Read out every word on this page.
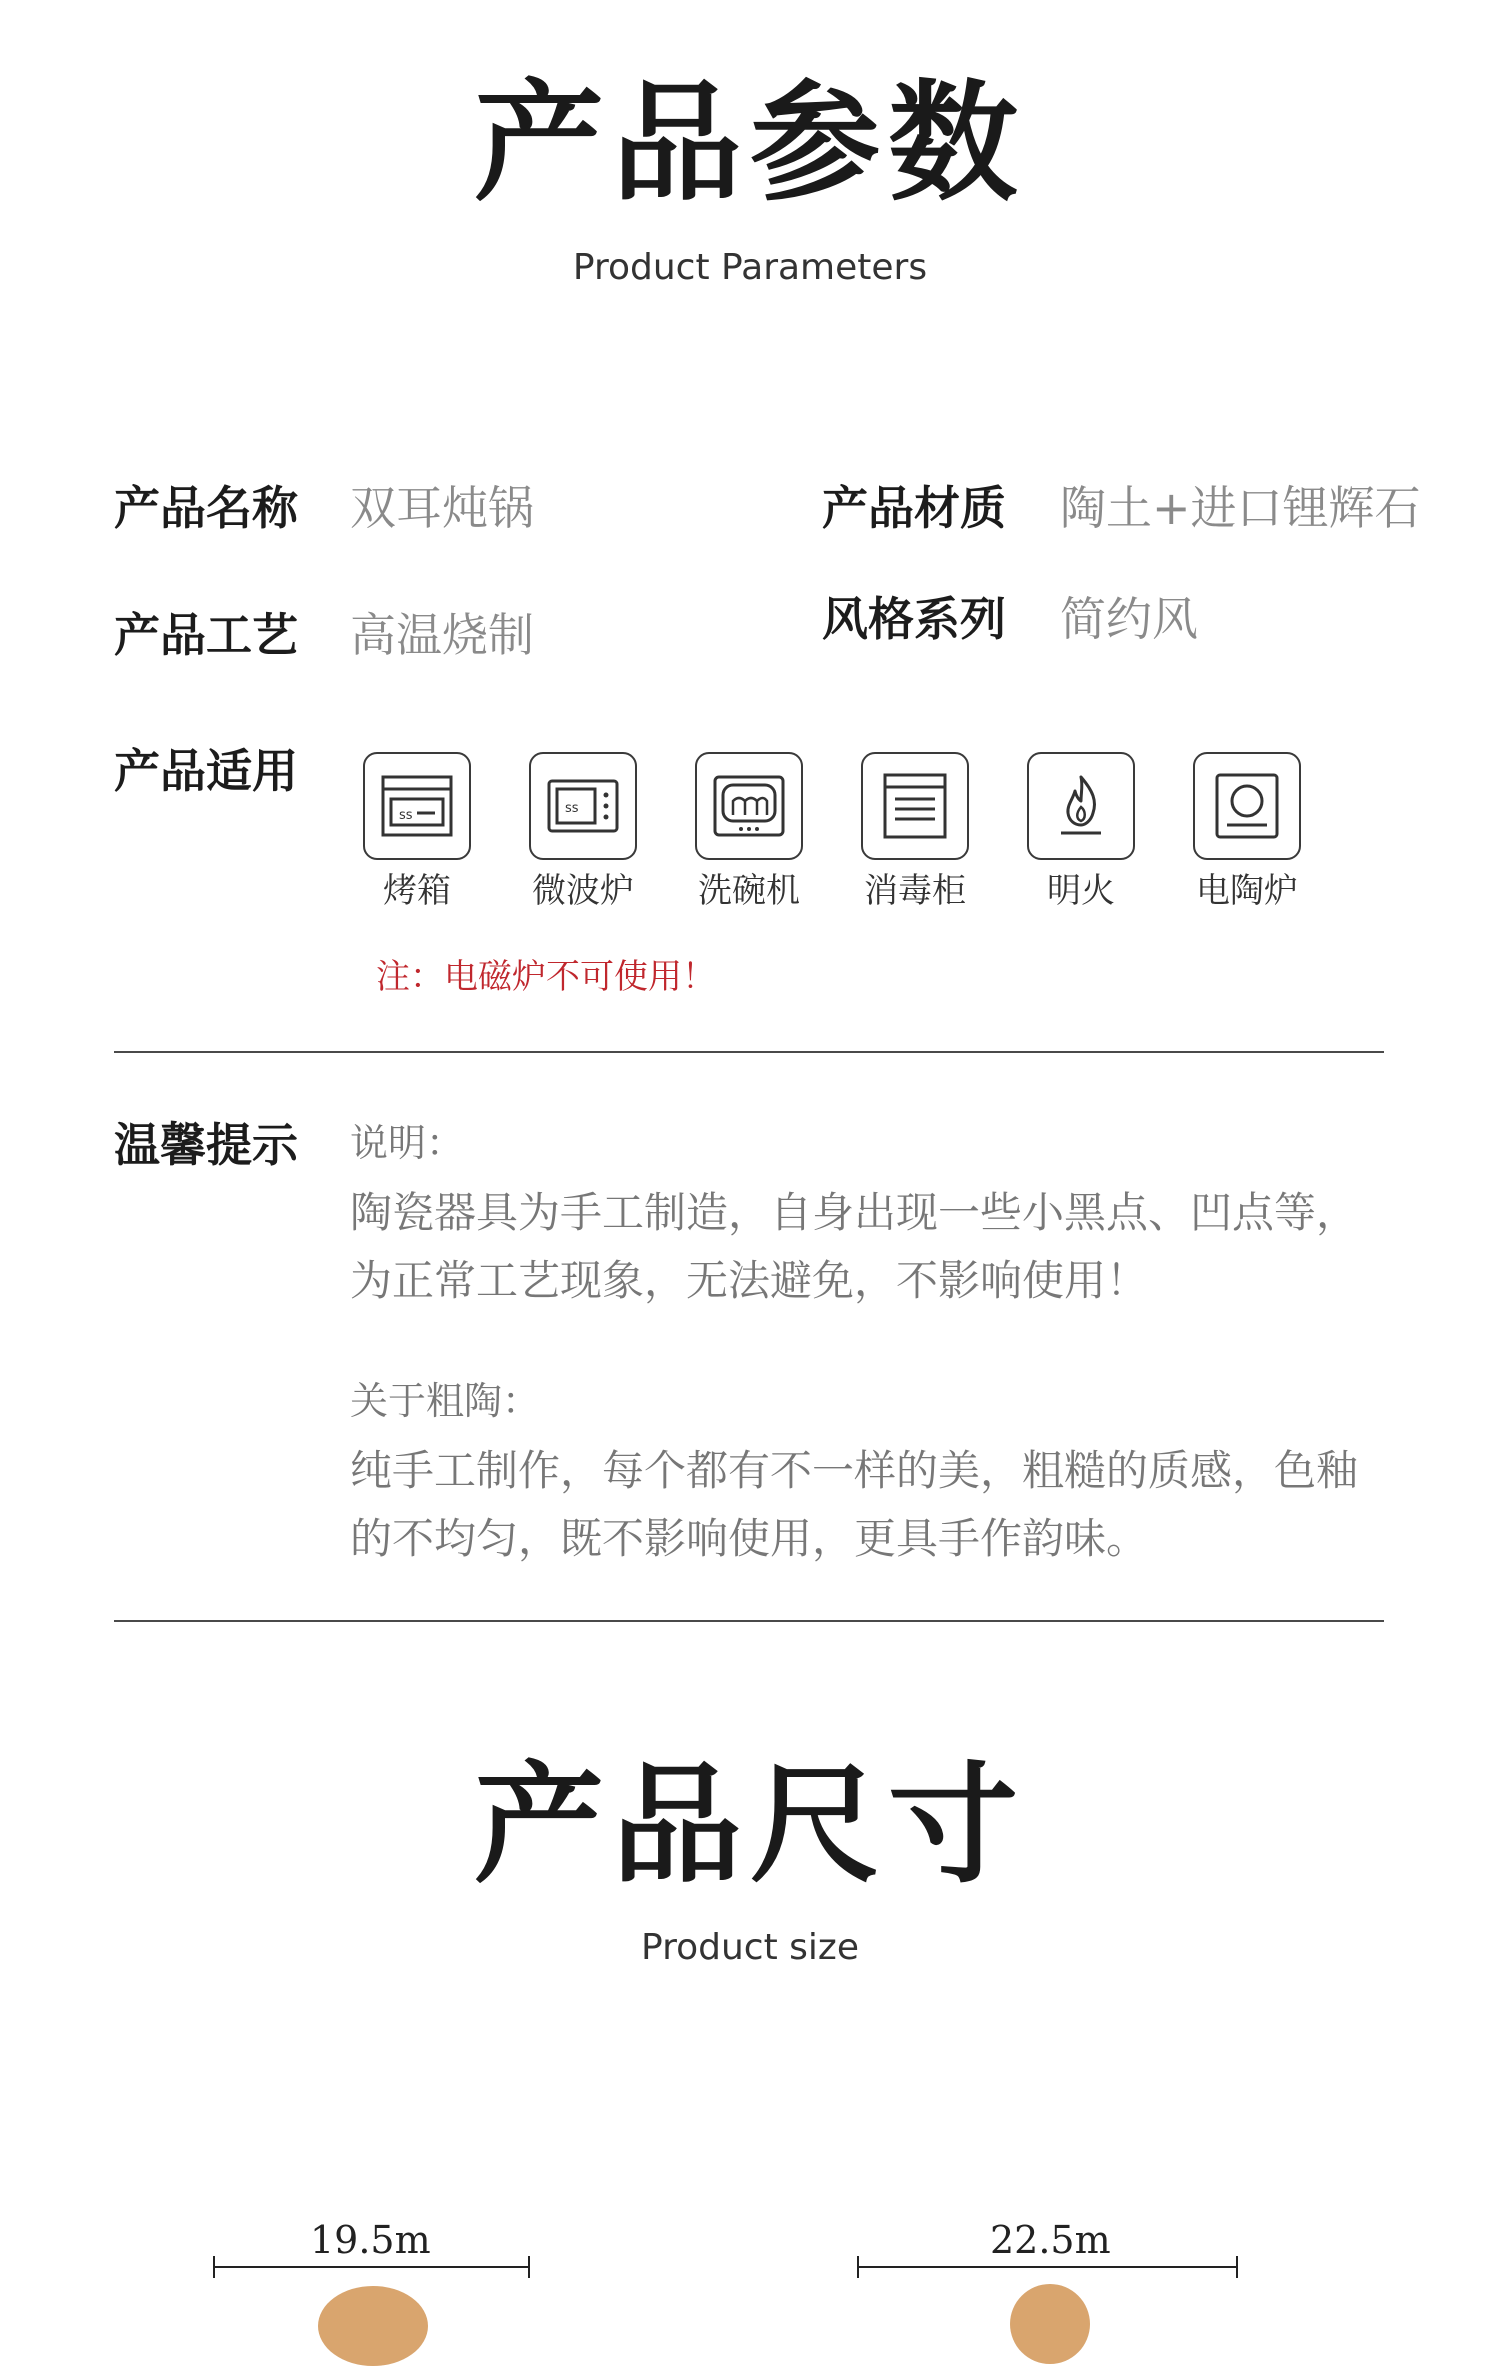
产品参数
Product Parameters
产品名称 双耳炖锅	产品材质 陶土+进口锂辉石
产品工艺 高温烧制	风格系列 简约风
产品适用
ss
烤箱
ss
微波炉	洗碗机	消毒柜	明火	电陶炉
注：电磁炉不可使用！
温馨提示 说明：
陶瓷器具为手工制造，自身出现一些小黑点、凹点等，
为正常工艺现象，无法避免，不影响使用！
关于粗陶：
纯手工制作，每个都有不一样的美，粗糙的质感，色釉
的不均匀，既不影响使用，更具手作韵味。
产品尺寸
Product size
19.5m	22.5m
